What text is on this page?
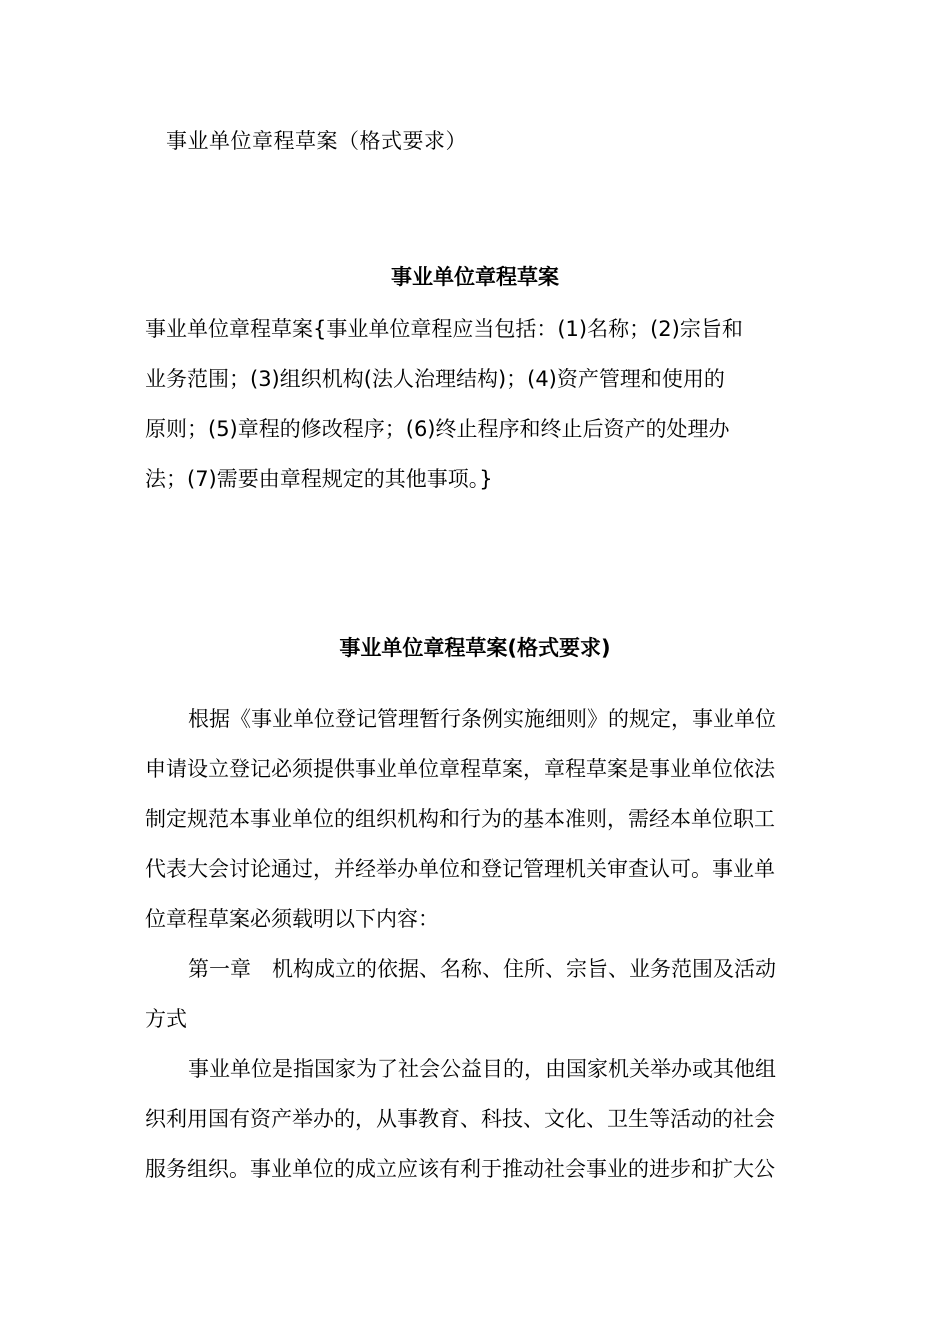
事业单位章程草案（格式要求）
事业单位章程草案
事业单位章程草案{事业单位章程应当包括：(1)名称；(2)宗旨和
业务范围；(3)组织机构(法人治理结构)；(4)资产管理和使用的
原则；(5)章程的修改程序；(6)终止程序和终止后资产的处理办
法；(7)需要由章程规定的其他事项。}
事业单位章程草案(格式要求)
根据《事业单位登记管理暂行条例实施细则》的规定，事业单位
申请设立登记必须提供事业单位章程草案，章程草案是事业单位依法
制定规范本事业单位的组织机构和行为的基本准则，需经本单位职工
代表大会讨论通过，并经举办单位和登记管理机关审查认可。事业单
位章程草案必须载明以下内容：
第一章　机构成立的依据、名称、住所、宗旨、业务范围及活动
方式
事业单位是指国家为了社会公益目的，由国家机关举办或其他组
织利用国有资产举办的，从事教育、科技、文化、卫生等活动的社会
服务组织。事业单位的成立应该有利于推动社会事业的进步和扩大公
